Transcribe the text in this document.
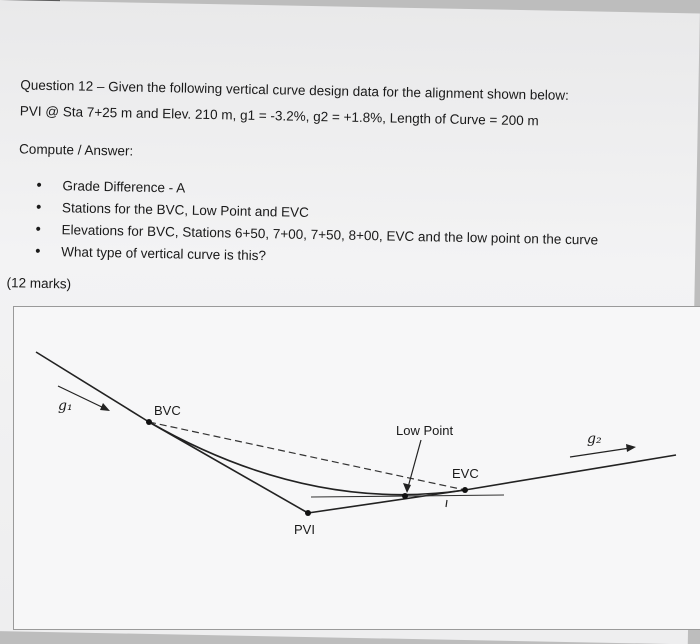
Question 12 – Given the following vertical curve design data for the alignment shown below:
PVI @ Sta 7+25 m and Elev. 210 m, g1 = -3.2%, g2 = +1.8%, Length of Curve = 200 m
Compute / Answer:
• Grade Difference - A
• Stations for the BVC, Low Point and EVC
• Elevations for BVC, Stations 6+50, 7+00, 7+50, 8+00, EVC and the low point on the curve
• What type of vertical curve is this?
(12 marks)
g₁	BVC
Low Point
EVC
g₂
PVI
